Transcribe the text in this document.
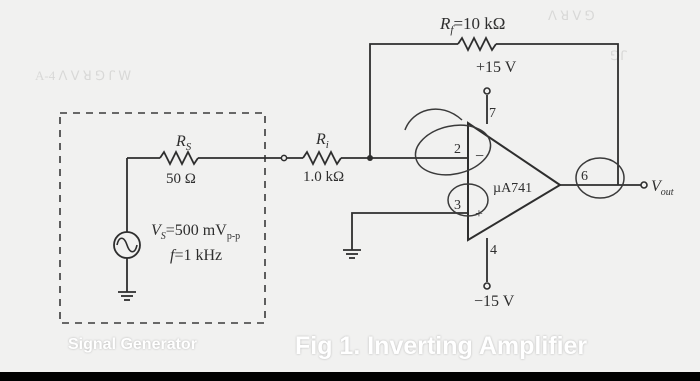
ꓥ ꓤ ꓦ ꓨ
A-4 ꓥ ꓦ ꓤ ꓨ ꓩ ꓪ
ꓨꓩ
$R_S$
50 Ω
$R_i$
1.0 kΩ
$R_f=10$ kΩ
+15 V
−15 V
µA741
−
+
2
3
4
6
7
$V_S=500$ $mV_{p-p}$
f=1 kHz
$V_{out}$
Signal Generator	Fig 1. Inverting Amplifier
